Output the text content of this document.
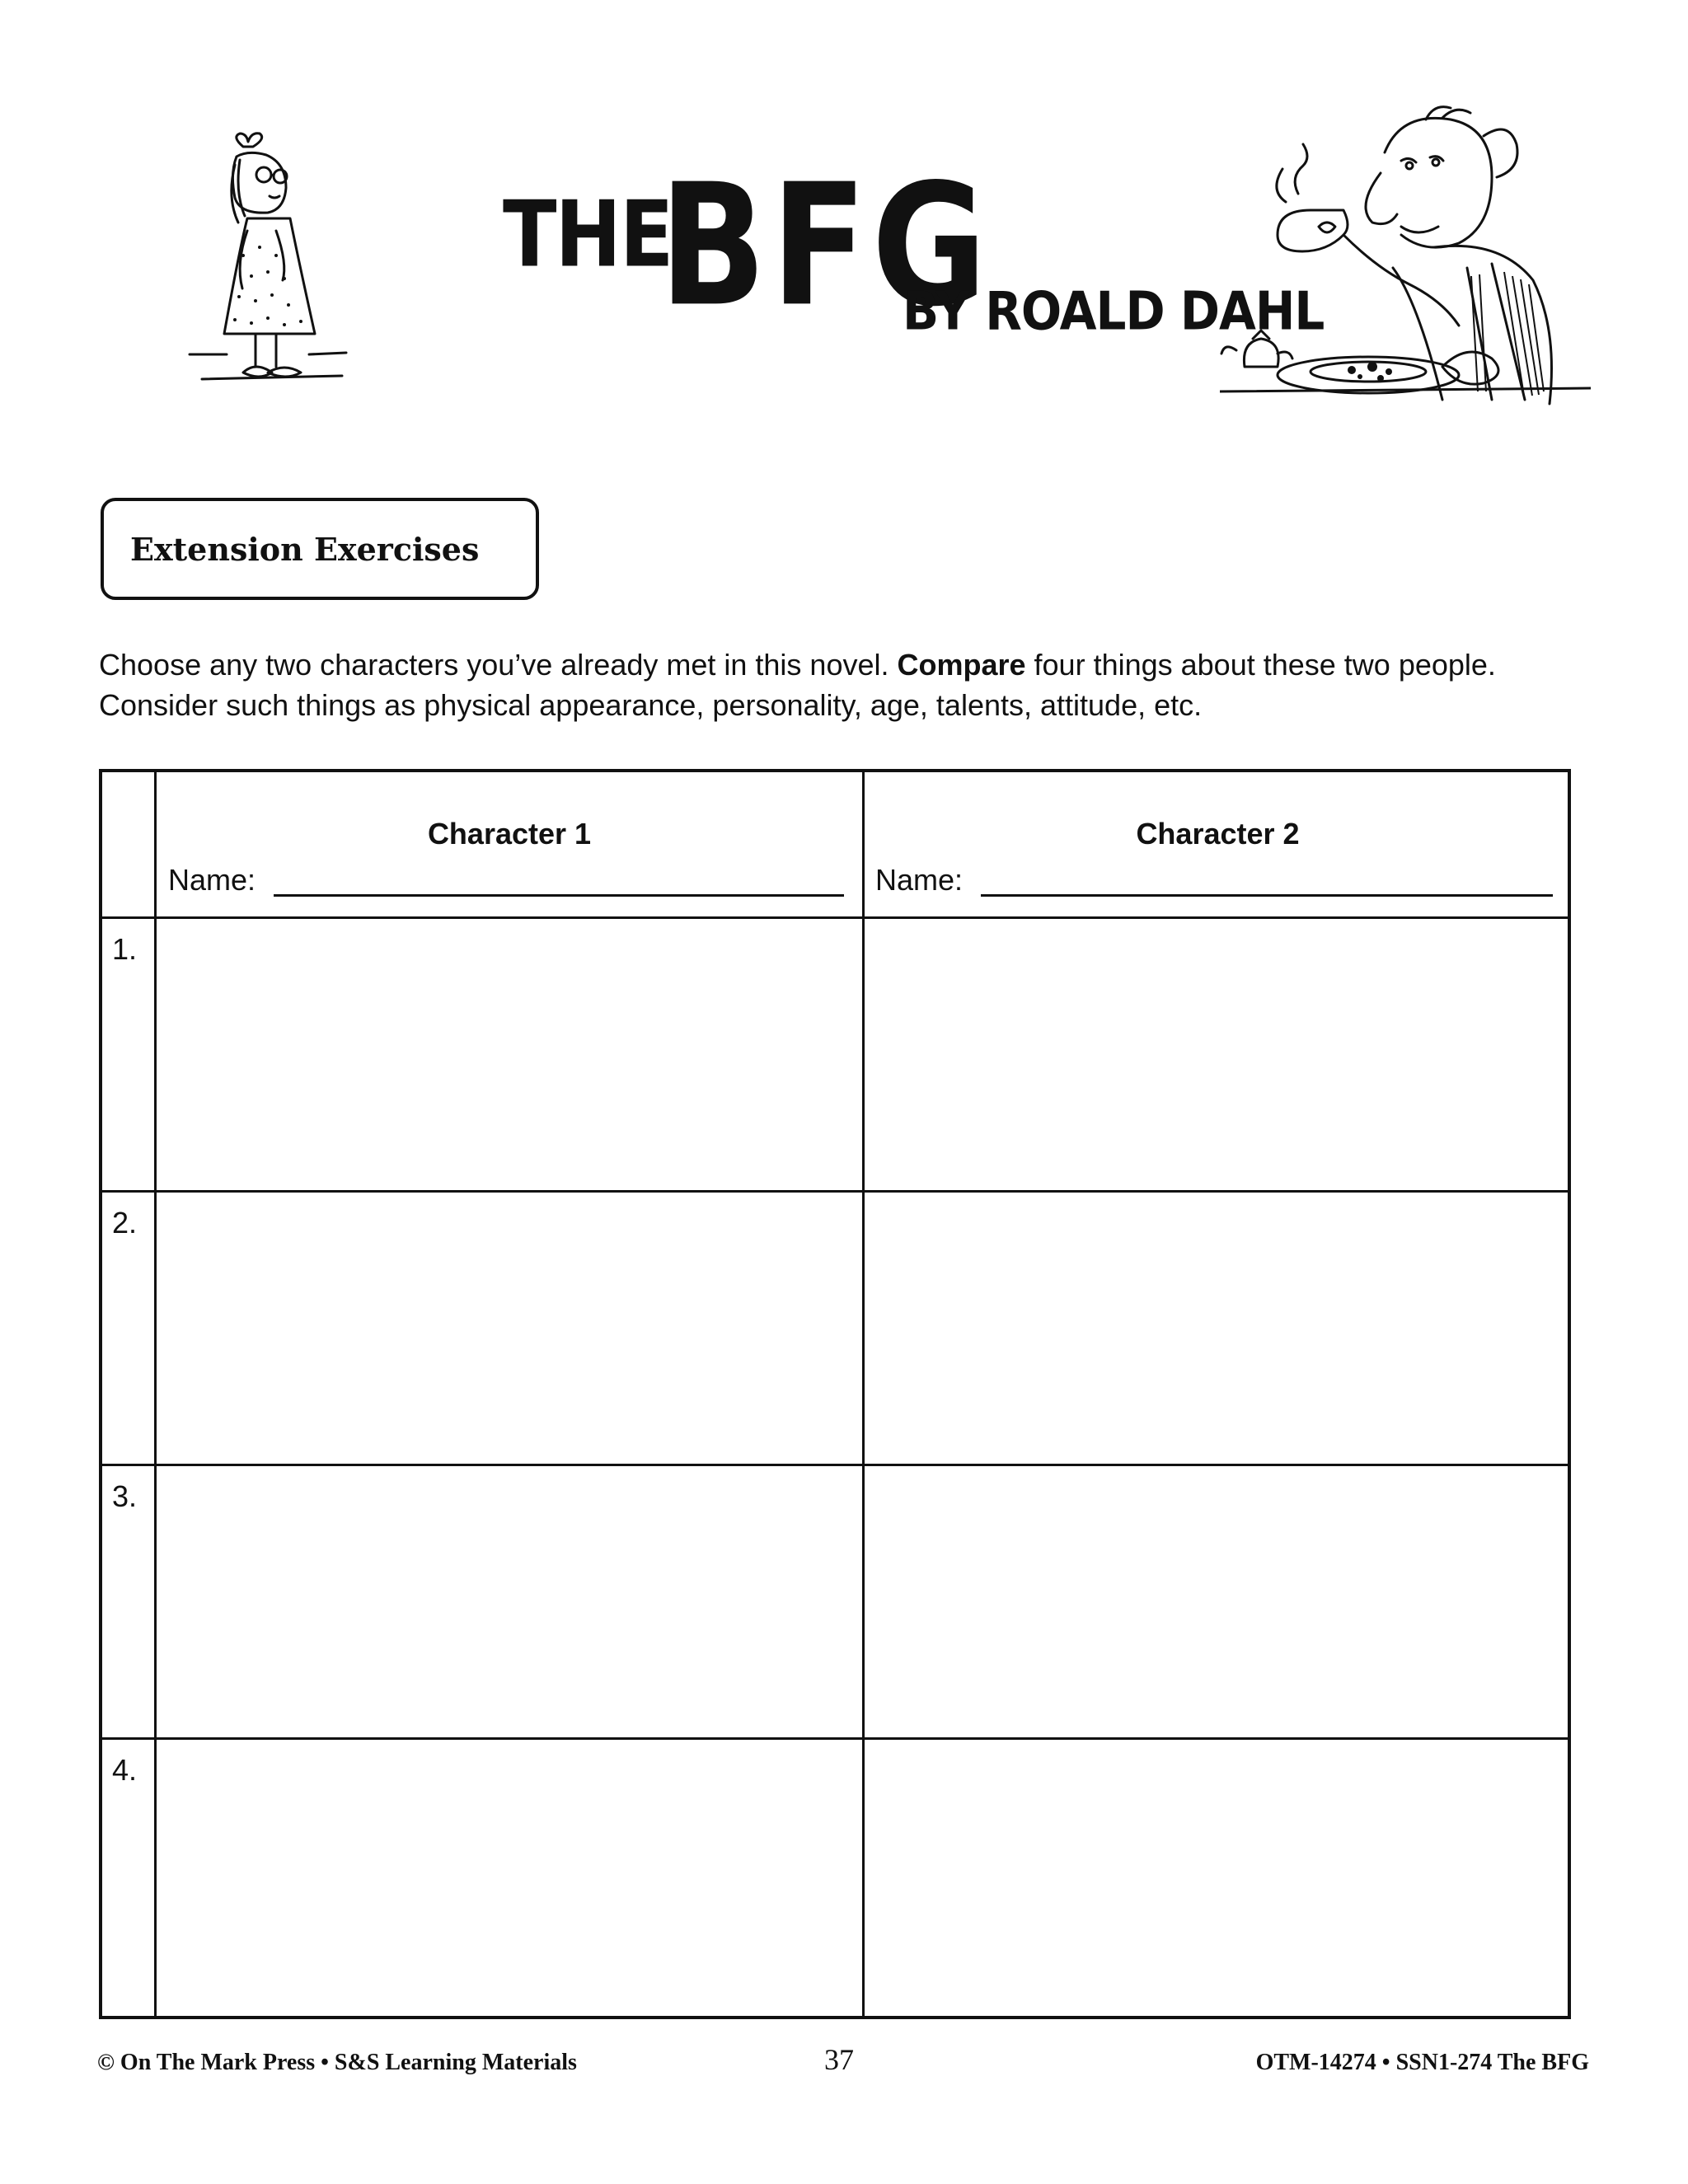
THE
BFG
BY ROALD DAHL
Extension Exercises
Choose any two characters you’ve already met in this novel. Compare four things about these two people. Consider such things as physical appearance, personality, age, talents, attitude, etc.
Character 1
Name:
Character 2
Name:
1.
2.
3.
4.
© On The Mark Press • S&S Learning Materials	37	OTM-14274 • SSN1-274 The BFG
